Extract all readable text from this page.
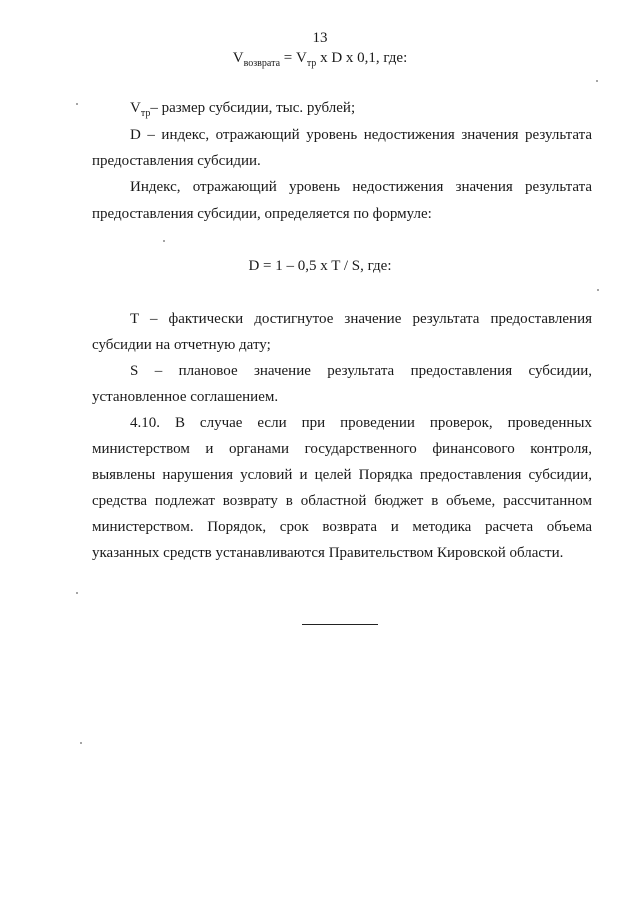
13
$V_{возврата} = V_{тр}$ x D x 0,1, где:
$V_{тр}-$ размер субсидии, тыс. рублей;
D – индекс, отражающий уровень недостижения значения результата
предоставления субсидии.
Индекс, отражающий уровень недостижения значения результата
предоставления субсидии, определяется по формуле:
D = 1 – 0,5 x T / S, где:
T – фактически достигнутое значение результата предоставления
субсидии на отчетную дату;
S – плановое значение результата предоставления субсидии,
установленное соглашением.
4.10. В случае если при проведении проверок, проведенных
министерством и органами государственного финансового контроля,
выявлены нарушения условий и целей Порядка предоставления субсидии,
средства подлежат возврату в областной бюджет в объеме, рассчитанном
министерством. Порядок, срок возврата и методика расчета объема
указанных средств устанавливаются Правительством Кировской области.
